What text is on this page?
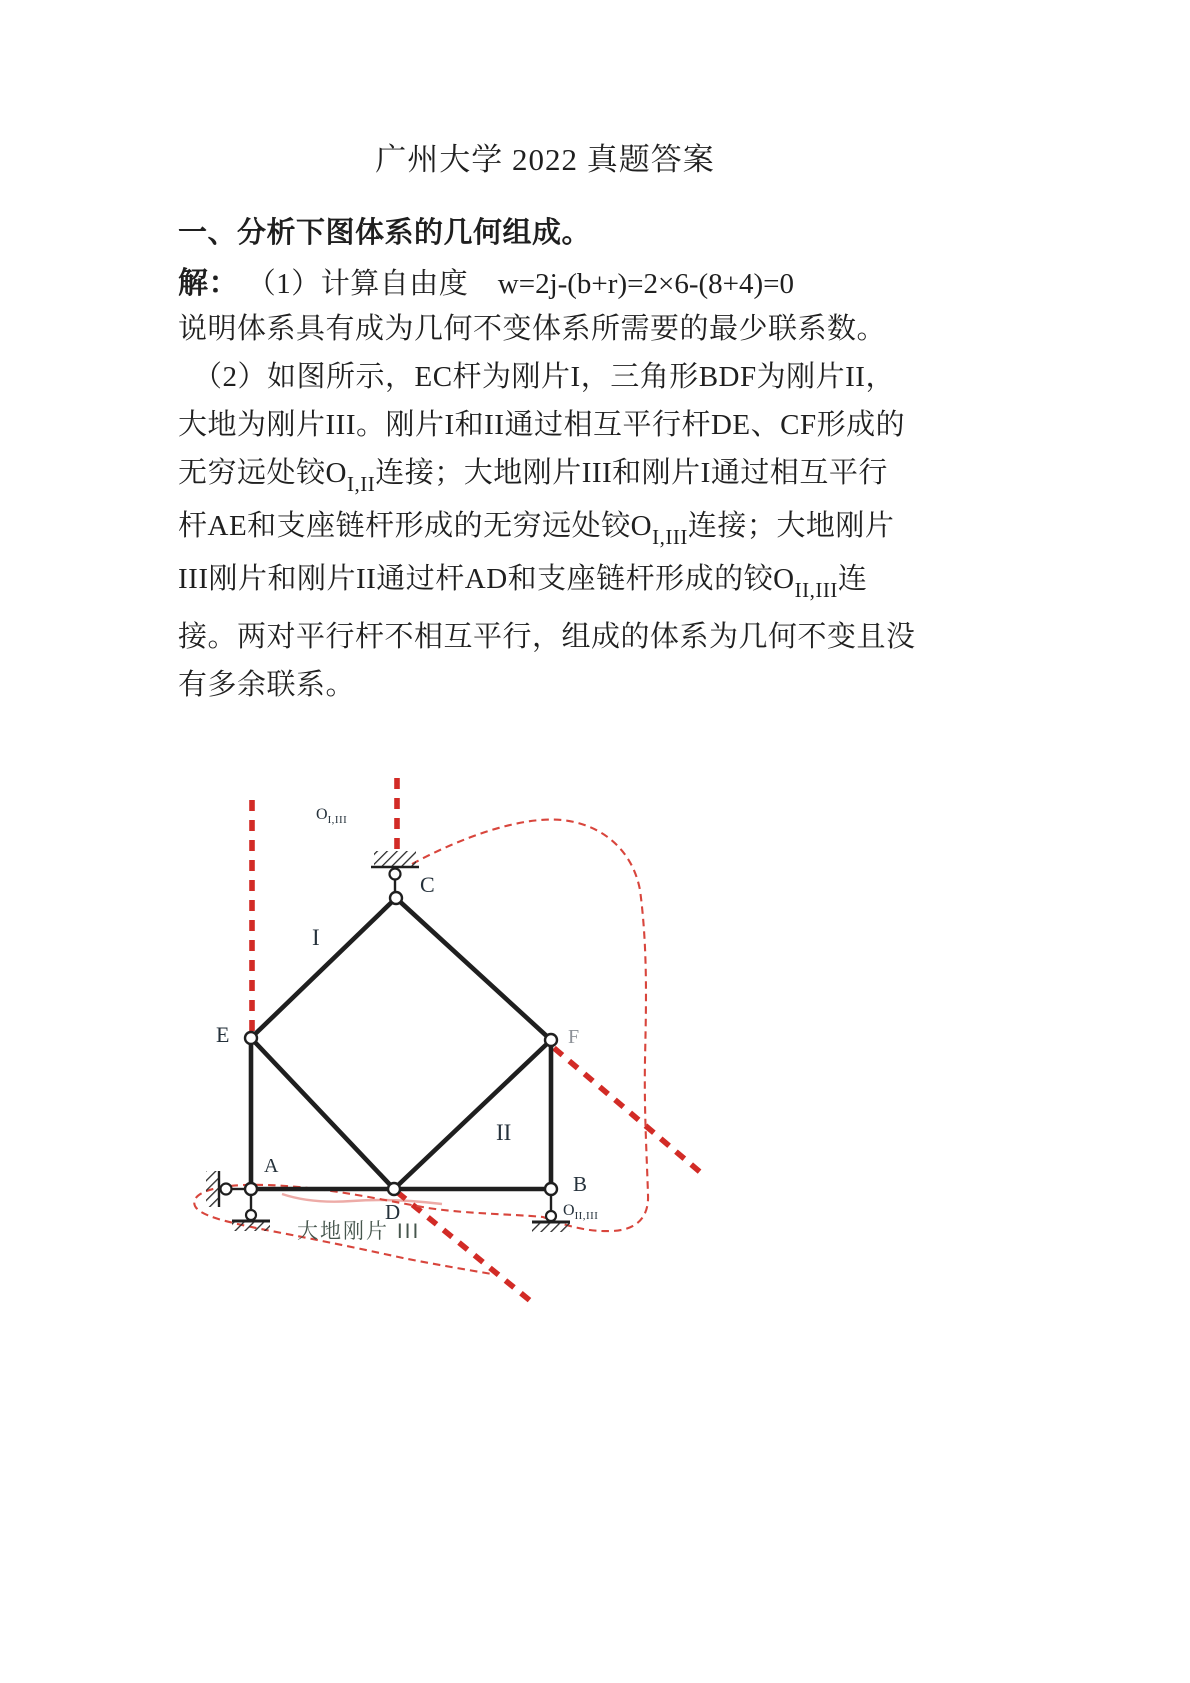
广州大学 2022 真题答案
一、分析下图体系的几何组成。
解： （1）计算自由度　w=2j-(b+r)=2×6-(8+4)=0
说明体系具有成为几何不变体系所需要的最少联系数。
　（2）如图所示，EC杆为刚片I，三角形BDF为刚片II，
大地为刚片III。刚片I和II通过相互平行杆DE、CF形成的
无穷远处铰$O_{I,II}$连接；大地刚片III和刚片I通过相互平行
杆AE和支座链杆形成的无穷远处铰$O_{I,III}$连接；大地刚片
III刚片和刚片II通过杆AD和支座链杆形成的铰$O_{II,III}$连
接。两对平行杆不相互平行，组成的体系为几何不变且没
有多余联系。
$O_{I,III}$
C
I
E	F
II
A
B
D	$O_{II,III}$
大地刚片 III
